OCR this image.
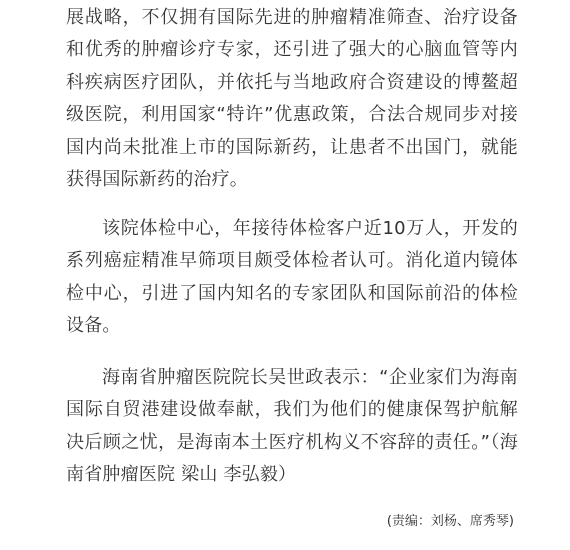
展战略，不仅拥有国际先进的肿瘤精准筛查、治疗设备和优秀的肿瘤诊疗专家，还引进了强大的心脑血管等内科疾病医疗团队，并依托与当地政府合资建设的博鳌超级医院，利用国家“特许”优惠政策，合法合规同步对接国内尚未批准上市的国际新药，让患者不出国门，就能获得国际新药的治疗。

该院体检中心，年接待体检客户近10万人，开发的系列癌症精准早筛项目颇受体检者认可。消化道内镜体检中心，引进了国内知名的专家团队和国际前沿的体检设备。

海南省肿瘤医院院长吴世政表示：“企业家们为海南国际自贸港建设做奉献，我们为他们的健康保驾护航解决后顾之忧，是海南本土医疗机构义不容辞的责任。”（海南省肿瘤医院 梁山 李弘毅）

(责编：刘杨、席秀琴)
